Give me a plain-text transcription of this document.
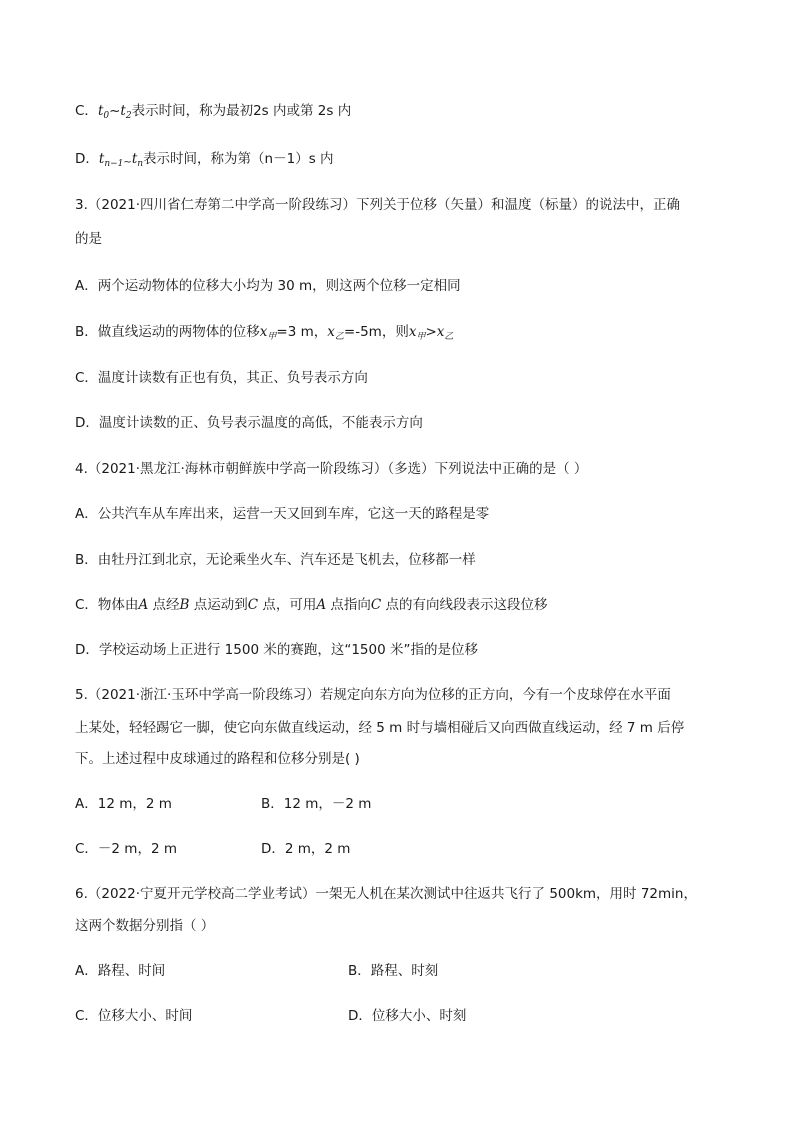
C．$t_0\sim t_2$表示时间，称为最初2s 内或第 2s 内
D．$t_{n-1}\sim t_n$表示时间，称为第（n－1）s 内
3.（2021·四川省仁寿第二中学高一阶段练习）下列关于位移（矢量）和温度（标量）的说法中，正确
的是
A．两个运动物体的位移大小均为 30 m，则这两个位移一定相同
B．做直线运动的两物体的位移$x_甲=3$ m，$x_乙=-5m$，则$x_甲>x_乙$
C．温度计读数有正也有负，其正、负号表示方向
D．温度计读数的正、负号表示温度的高低，不能表示方向
4.（2021·黑龙江·海林市朝鲜族中学高一阶段练习）（多选）下列说法中正确的是（ ）
A．公共汽车从车库出来，运营一天又回到车库，它这一天的路程是零
B．由牡丹江到北京，无论乘坐火车、汽车还是飞机去，位移都一样
C．物体由A 点经B 点运动到C 点，可用A 点指向C 点的有向线段表示这段位移
D．学校运动场上正进行 1500 米的赛跑，这“1500 米”指的是位移
5.（2021·浙江·玉环中学高一阶段练习）若规定向东方向为位移的正方向，今有一个皮球停在水平面
上某处，轻轻踢它一脚，使它向东做直线运动，经 5 m 时与墙相碰后又向西做直线运动，经 7 m 后停
下。上述过程中皮球通过的路程和位移分别是( )
A．12 m，2 m	B．12 m，－2 m
C．－2 m，2 m	D．2 m，2 m
6.（2022·宁夏开元学校高二学业考试）一架无人机在某次测试中往返共飞行了 500km，用时 72min，
这两个数据分别指（ ）
A．路程、时间	B．路程、时刻
C．位移大小、时间	D．位移大小、时刻
